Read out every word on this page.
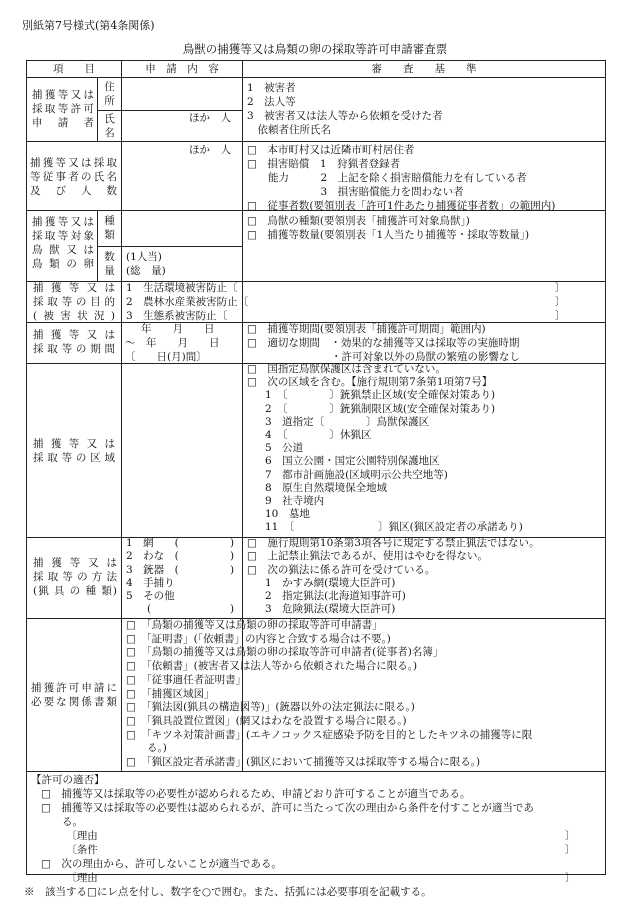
別紙第7号様式(第4条関係)
鳥獣の捕獲等又は鳥類の卵の採取等許可申請審査票
項　　目	申　請　内　容	審　　査　　基　　準
捕獲等又は
採取等許可
申　請　者
住
所
氏
名
ほか　人
1　被害者
2　法人等
3　被害者又は法人等から依頼を受けた者
　依頼者住所氏名
捕獲等又は採取
等従事者の氏名
及び人数
ほか　人 □　本市町村又は近隣市町村居住者
□　損害賠償　1　狩猟者登録者
　　能力　　　2　上記を除く損害賠償能力を有している者
　　　　　　　3　損害賠償能力を問わない者
□　従事者数(要領別表「許可1件あたり捕獲従事者数」の範囲内)
捕獲等又は
採取等対象
鳥 獣 又 は
鳥 類 の 卵
種
類
数
量
(1人当)
(総　量)
□　鳥獣の種類(要領別表「捕獲許可対象鳥獣」)
□　捕獲等数量(要領別表「1人当たり捕獲等・採取等数量」)
捕 獲 等 又 は
採 取 等 の 目 的
(被害状況)
1　生活環境被害防止〔
2　農林水産業被害防止〔
3　生態系被害防止〔
〕
〕
〕
捕 獲 等 又 は
採 取 等 の 期 間
年　　月　　日
～　年　　月　　日
〔　　日(月)間〕
□　捕獲等期間(要領別表「捕獲許可期間」範囲内)
□　適切な期間　・効果的な捕獲等又は採取等の実施時期
　　　　　　　　・許可対象以外の鳥獣の繁殖の影響なし
捕 獲 等 又 は
採 取 等 の 区 域
□　国指定鳥獣保護区は含まれていない。
□　次の区域を含む。【施行規則第7条第1項第7号】
1　〔　　　　〕銃猟禁止区域(安全確保対策あり)
2　〔　　　　〕銃猟制限区域(安全確保対策あり)
3　道指定〔　　　　〕鳥獣保護区
4　〔　　　　〕休猟区
5　公道
6　国立公園・国定公園特別保護地区
7　都市計画施設(区域明示公共空地等)
8　原生自然環境保全地域
9　社寺境内
10　墓地
11　〔　　　　　　　　〕猟区(猟区設定者の承諾あり)
捕 獲 等 又 は
採 取 等 の 方 法
(猟 具 の 種 類)
1　網　　(
2　わな　(
3　銃器　(
4　手捕り
5　その他
　　(
)
)
)
)
□　施行規則第10条第3項各号に規定する禁止猟法ではない。
□　上記禁止猟法であるが、使用はやむを得ない。
□　次の猟法に係る許可を受けている。
1　かすみ網(環境大臣許可)
2　指定猟法(北海道知事許可)
3　危険猟法(環境大臣許可)
捕獲許可申請に
必要な関係書類
□　「鳥類の捕獲等又は鳥類の卵の採取等許可申請書」
□　「証明書」(「依頼書」の内容と合致する場合は不要。)
□　「鳥類の捕獲等又は鳥類の卵の採取等許可申請者(従事者)名簿」
□　「依頼書」(被害者又は法人等から依頼された場合に限る。)
□　「従事適任者証明書」
□　「捕獲区域図」
□　「猟法図(猟具の構造図等)」(銃器以外の法定猟法に限る。)
□　「猟具設置位置図」(網又はわなを設置する場合に限る。)
□　「キツネ対策計画書」(エキノコックス症感染予防を目的としたキツネの捕獲等に限
　　る。)
□　「猟区設定者承諾書」(猟区において捕獲等又は採取等する場合に限る。)
【許可の適否】
□　捕獲等又は採取等の必要性が認められるため、申請どおり許可することが適当である。
□　捕獲等又は採取等の必要性は認められるが、許可に当たって次の理由から条件を付すことが適当であ
　　る。
　〔理由
　〔条件
□　次の理由から、許可しないことが適当である。
　〔理由
〕
〕
〕
※　該当する□にレ点を付し、数字を○で囲む。また、括弧には必要事項を記載する。
